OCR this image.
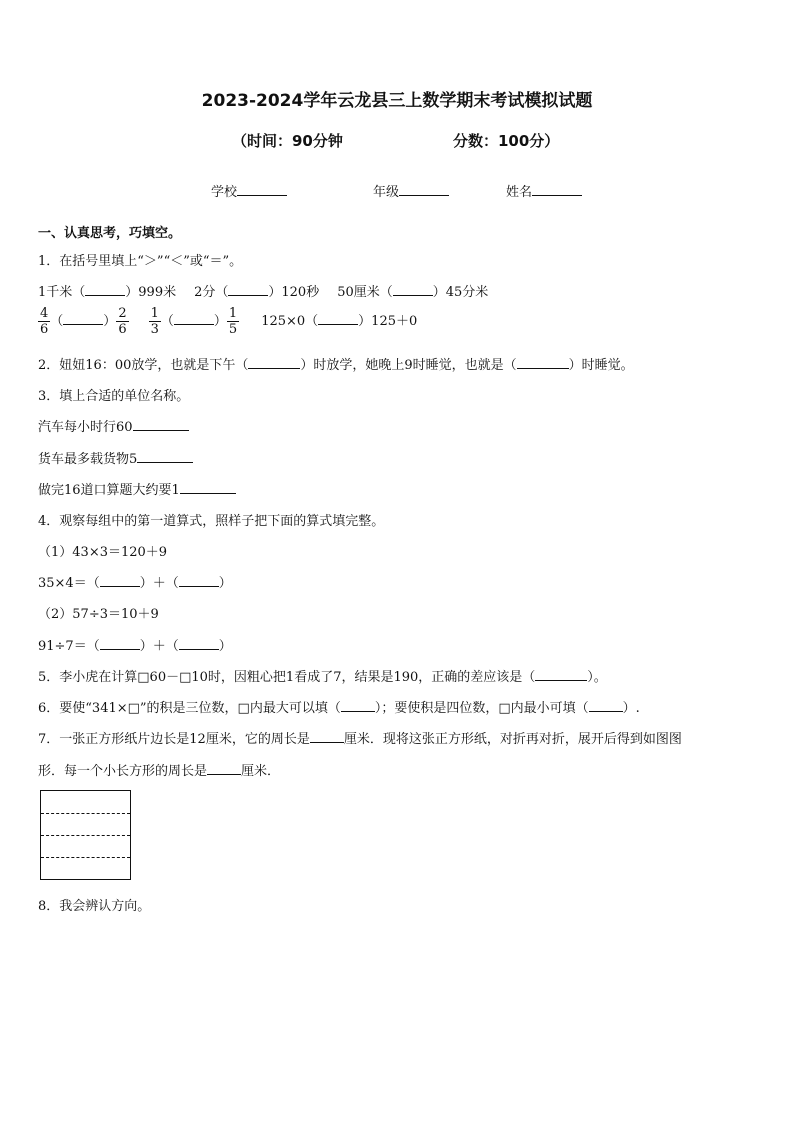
2023-2024学年云龙县三上数学期末考试模拟试题
（时间：90分钟	分数：100分）
学校	年级	姓名
一、认真思考，巧填空。
1．在括号里填上“＞”“＜”或“＝”。
1千米（	）999米 2分（	）120秒 50厘米（	）45分米
$\frac{4}{6}$ （	） $\frac{2}{6} \frac{1}{3}$ （	） $\frac{1}{5} 125\times 0$（	）125＋0
2．妞妞16：00放学，也就是下午（	）时放学，她晚上9时睡觉，也就是（	）时睡觉。
3．填上合适的单位名称。
汽车每小时行60
货车最多载货物5
做完16道口算题大约要1
4．观察每组中的第一道算式，照样子把下面的算式填完整。
（1）43×3＝120＋9
35×4＝（	）＋（	）
（2）57÷3＝10＋9
91÷7＝（	）＋（	）
5．李小虎在计算□60－□10时，因粗心把1看成了7，结果是190，正确的差应该是（	）。
6．要使“341×□”的积是三位数，□内最大可以填（	）；要使积是四位数，□内最小可填（	）.
7．一张正方形纸片边长是12厘米，它的周长是	厘米．现将这张正方形纸，对折再对折，展开后得到如图图
形．每一个小长方形的周长是	厘米．
8．我会辨认方向。
